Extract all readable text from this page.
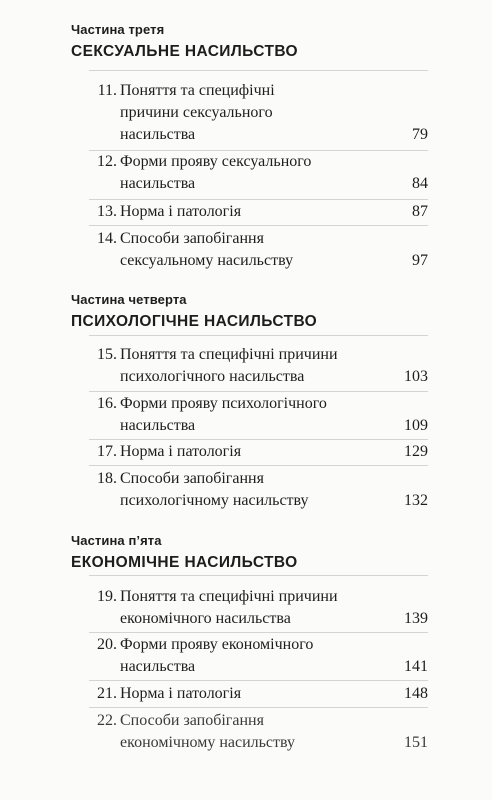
Частина третя

СЕКСУАЛЬНЕ НАСИЛЬСТВО

11. Поняття та специфічні
причини сексуального
насильства	79
12. Форми прояву сексуального
насильства	84
13. Норма і патологія	87
14. Способи запобігання
сексуальному насильству	97

Частина четверта

ПСИХОЛОГІЧНЕ НАСИЛЬСТВО

15. Поняття та специфічні причини
психологічного насильства	103
16. Форми прояву психологічного
насильства	109
17. Норма і патологія	129
18. Способи запобігання
психологічному насильству	132

Частина п’ята

ЕКОНОМІЧНЕ НАСИЛЬСТВО

19. Поняття та специфічні причини
економічного насильства	139
20. Форми прояву економічного
насильства	141
21. Норма і патологія	148
22. Способи запобігання
економічному насильству	151
